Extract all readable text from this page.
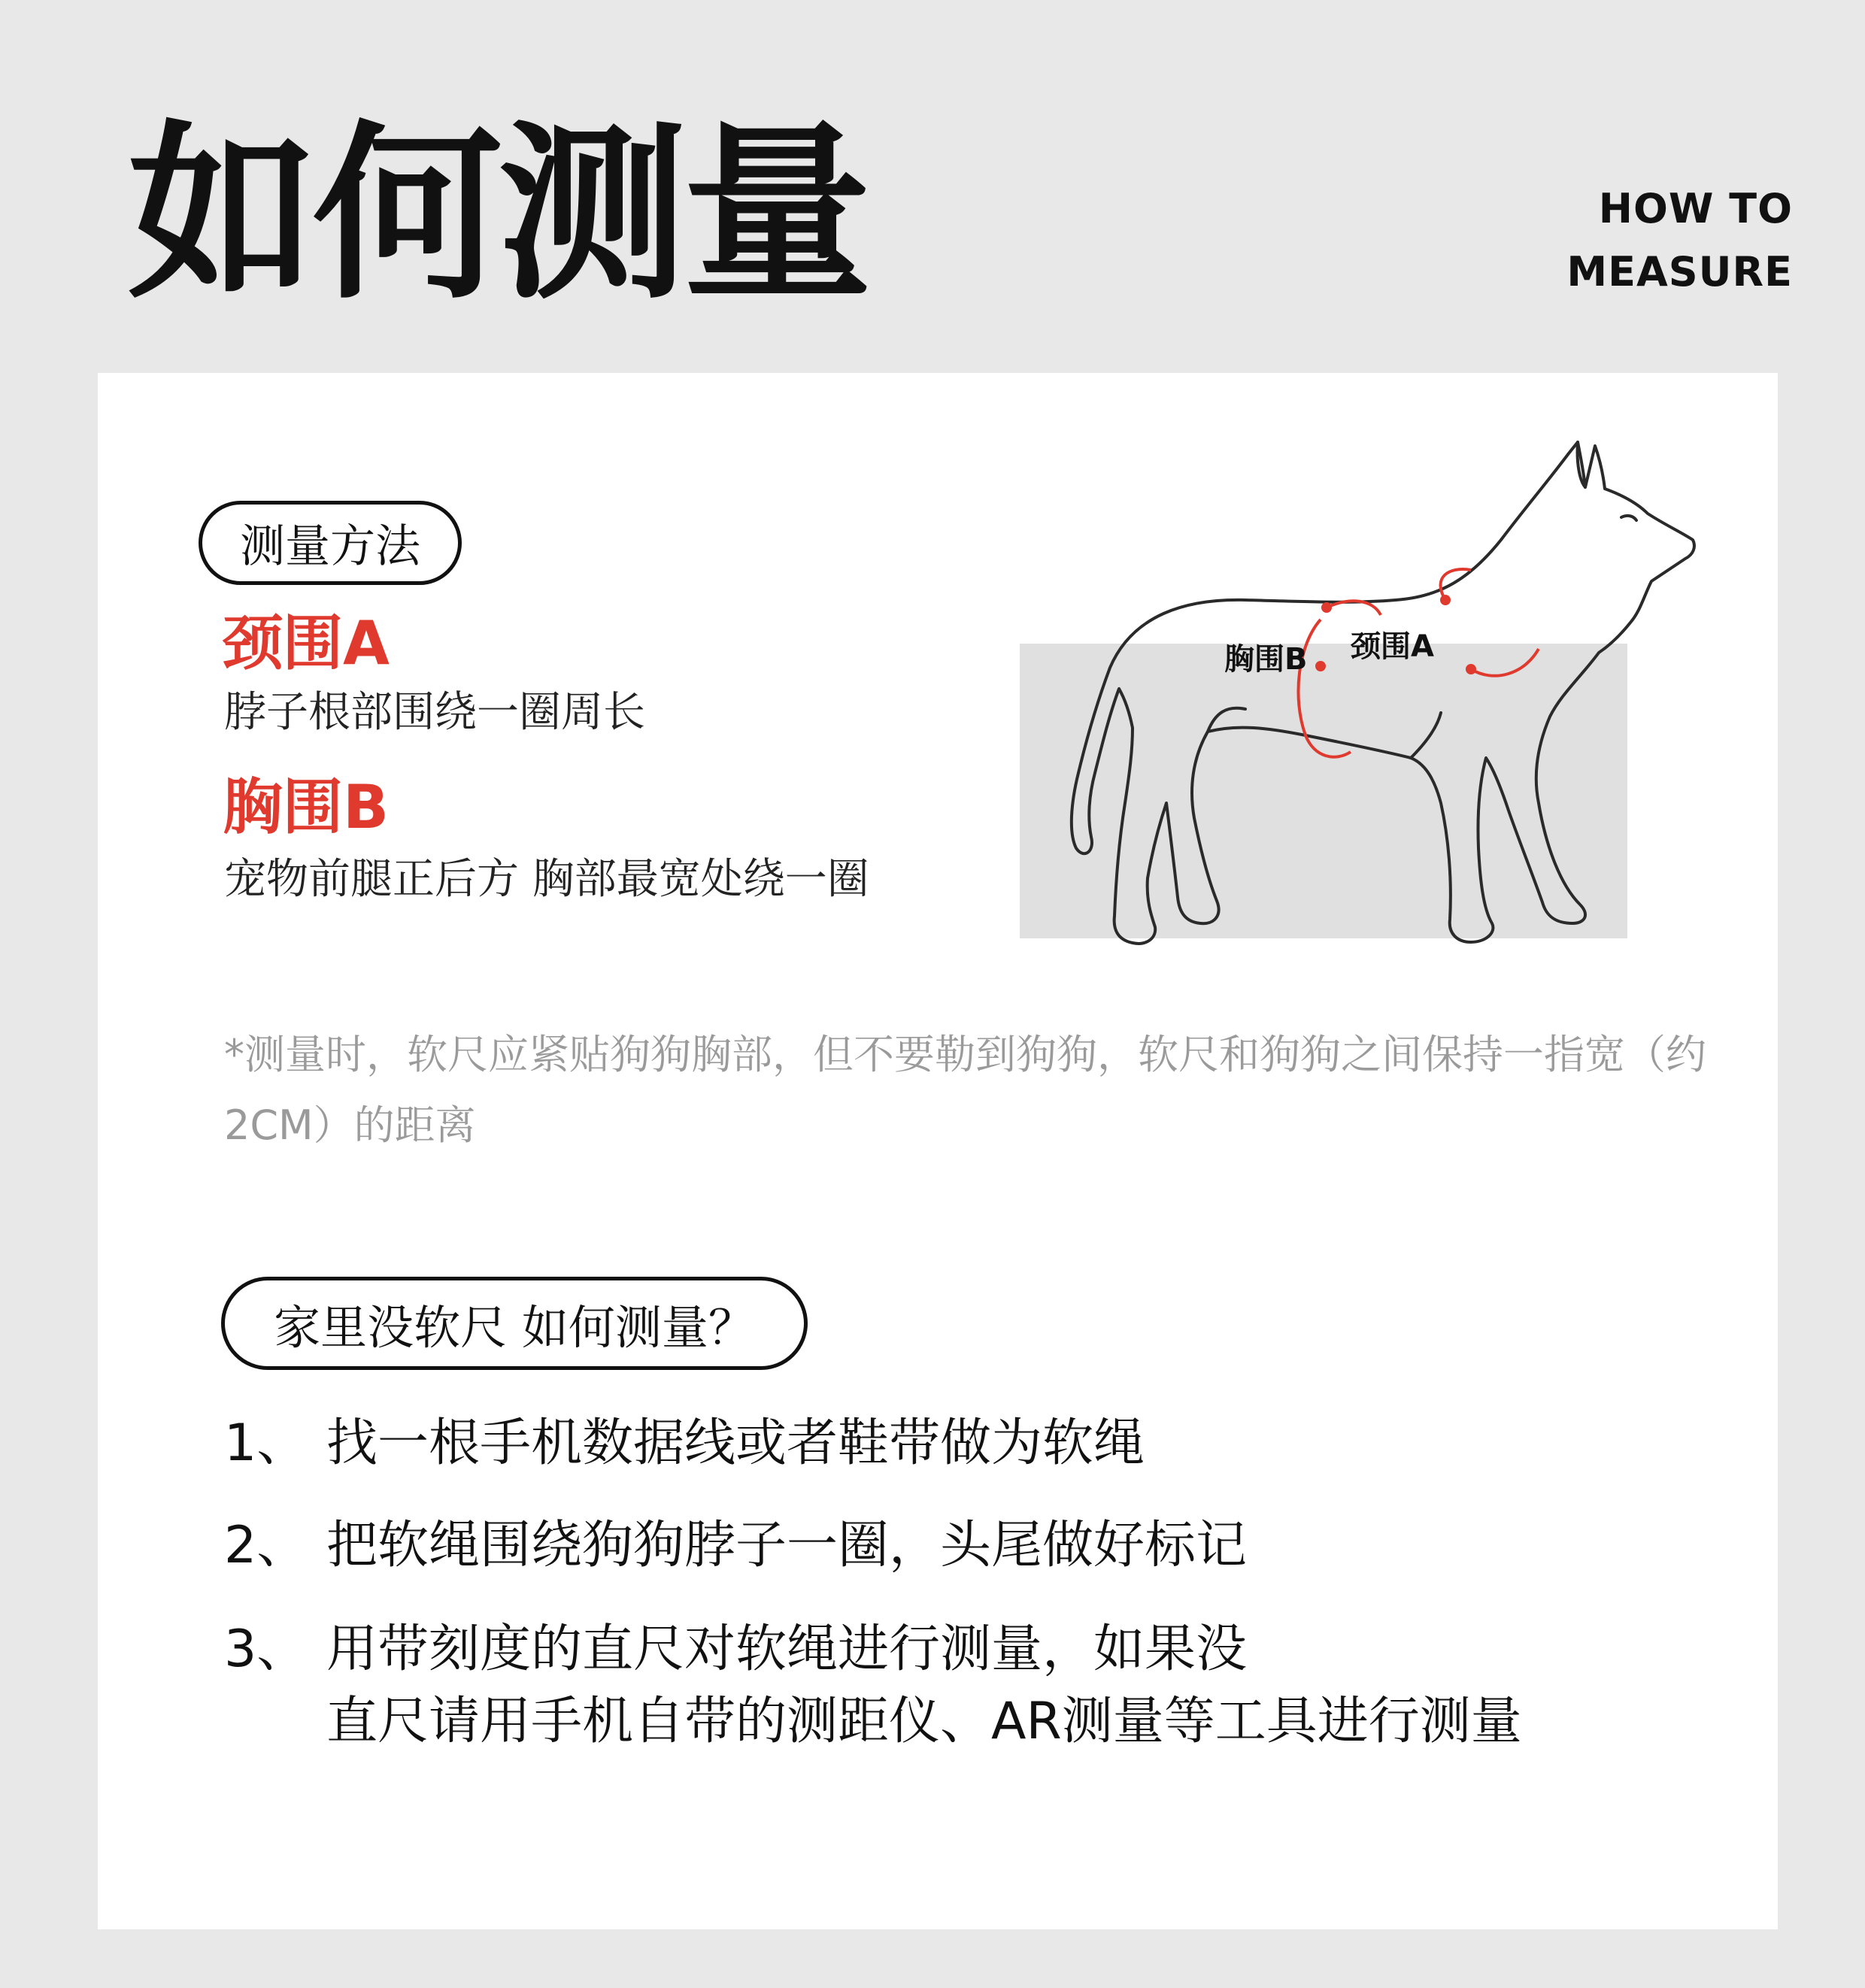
如何测量	HOW TO
MEASURE
测量方法
颈围A
脖子根部围绕一圈周长
胸围B
宠物前腿正后方 胸部最宽处绕一圈
胸围B 颈围A
*测量时，软尺应紧贴狗狗胸部，但不要勒到狗狗，软尺和狗狗之间保持一指宽（约2CM）的距离
家里没软尺 如何测量？
1、 找一根手机数据线或者鞋带做为软绳
2、 把软绳围绕狗狗脖子一圈，头尾做好标记
3、 用带刻度的直尺对软绳进行测量，如果没
直尺请用手机自带的测距仪、AR测量等工具进行测量
